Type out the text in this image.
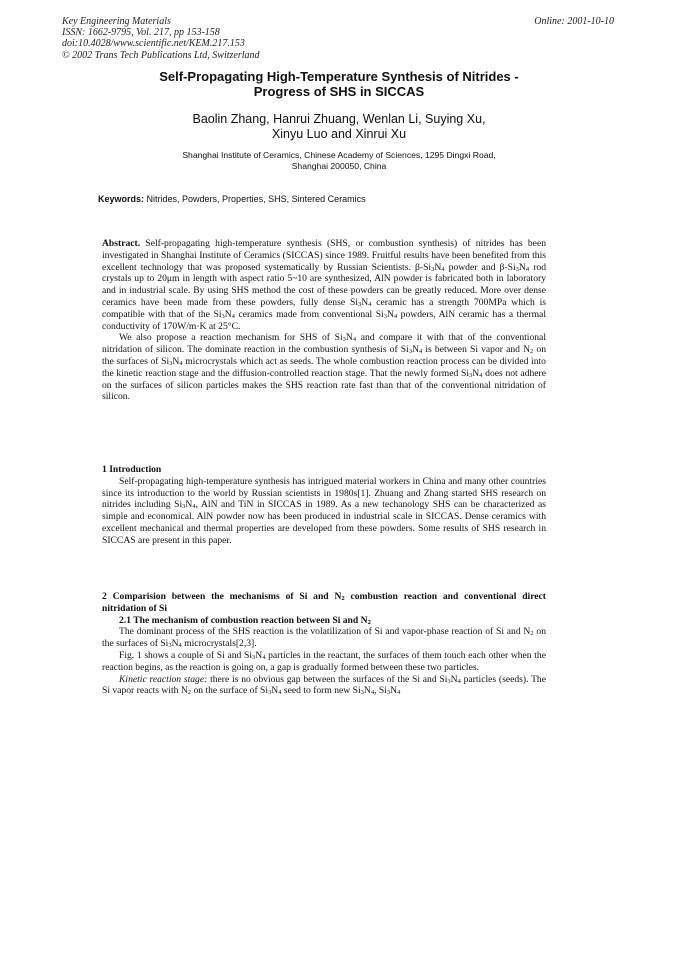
Key Engineering Materials
ISSN: 1662-9795, Vol. 217, pp 153-158
doi:10.4028/www.scientific.net/KEM.217.153
© 2002 Trans Tech Publications Ltd, Switzerland
Online: 2001-10-10
Self-Propagating High-Temperature Synthesis of Nitrides -
Progress of SHS in SICCAS
Baolin Zhang, Hanrui Zhuang, Wenlan Li, Suying Xu,
Xinyu Luo and Xinrui Xu
Shanghai Institute of Ceramics, Chinese Academy of Sciences, 1295 Dingxi Road,
Shanghai 200050, China
Keywords: Nitrides, Powders, Properties, SHS, Sintered Ceramics

Abstract. Self-propagating high-temperature synthesis (SHS, or combustion synthesis) of nitrides has been investigated in Shanghai Institute of Ceramics (SICCAS) since 1989. Fruitful results have been benefited from this excellent technology that was proposed systematically by Russian Scientists. $\beta-Si_3N_4$ powder and $\beta-Si_3N_4$ rod crystals up to 20μm in length with aspect ratio 5~10 are synthesized, AlN powder is fabricated both in laboratory and in industrial scale. By using SHS method the cost of these powders can be greatly reduced. More over dense ceramics have been made from these powders, fully dense $Si_3N_4$ ceramic has a strength 700MPa which is compatible with that of the $Si_3N_4$ ceramics made from conventional $Si_3N_4$ powders, AlN ceramic has a thermal conductivity of 170W/m·K at 25°C.

We also propose a reaction mechanism for SHS of $Si_3N_4$ and compare it with that of the conventional nitridation of silicon. The dominate reaction in the combustion synthesis of $Si_3N_4$ is between Si vapor and $N_2$ on the surfaces of $Si_3N_4$ microcrystals which act as seeds. The whole combustion reaction process can be divided into the kinetic reaction stage and the diffusion-controlled reaction stage. That the newly formed $Si_3N_4$ does not adhere on the surfaces of silicon particles makes the SHS reaction rate fast than that of the conventional nitridation of silicon.

1 Introduction

Self-propagating high-temperature synthesis has intrigued material workers in China and many other countries since its introduction to the world by Russian scientists in 1980s[1]. Zhuang and Zhang started SHS research on nitrides including $Si_3N_4$, AlN and TiN in SICCAS in 1989. As a new techanology SHS can be characterized as simple and economical. AlN powder now has been produced in industrial scale in SICCAS. Dense ceramics with excellent mechanical and thermal properties are developed from these powders. Some results of SHS research in SICCAS are present in this paper.

2 Comparision between the mechanisms of Si and $N_2$ combustion reaction and conventional direct nitridation of Si

2.1 The mechanism of combustion reaction between Si and $N_2$

The dominant process of the SHS reaction is the volatilization of Si and vapor-phase reaction of Si and $N_2$ on the surfaces of $Si_3N_4$ microcrystals[2,3].

Fig. 1 shows a couple of Si and $Si_3N_4$ particles in the reactant, the surfaces of them touch each other when the reaction begins, as the reaction is going on, a gap is gradually formed between these two particles.

Kinetic reaction stage: there is no obvious gap between the surfaces of the Si and $Si_3N_4$ particles (seeds). The Si vapor reacts with $N_2$ on the surface of $Si_3N_4$ seed to form new $Si_3N_4$, $Si_3N_4$
